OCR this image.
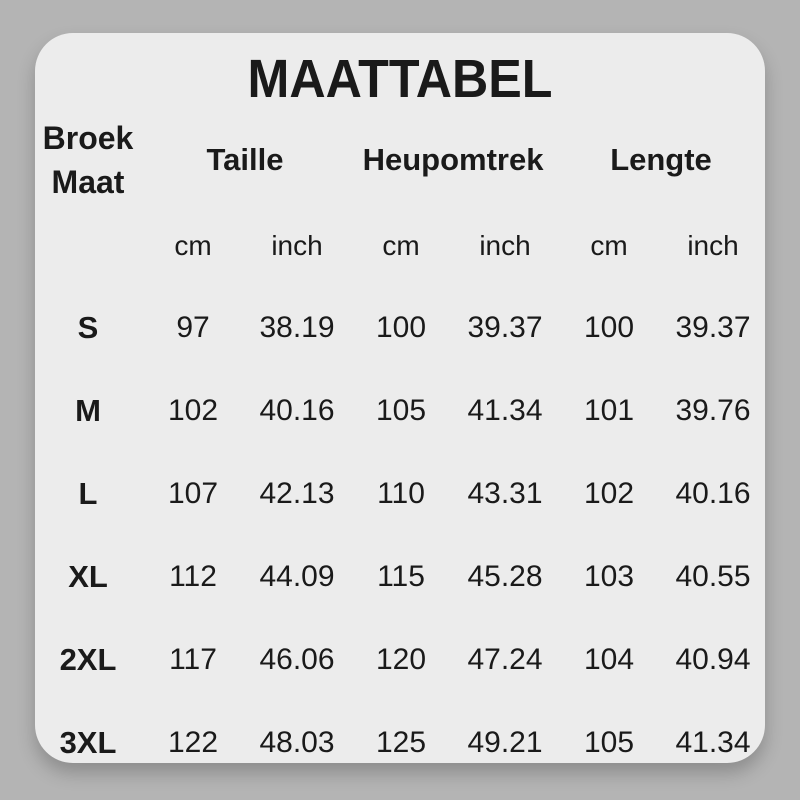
MAATTABEL
Broek
Maat
Taille	Heupomtrek	Lengte
cm	inch	cm	inch	cm	inch
S	97	38.19	100	39.37	100	39.37
M	102	40.16	105	41.34	101	39.76
L	107	42.13	110	43.31	102	40.16
XL	112	44.09	115	45.28	103	40.55
2XL	117	46.06	120	47.24	104	40.94
3XL	122	48.03	125	49.21	105	41.34
